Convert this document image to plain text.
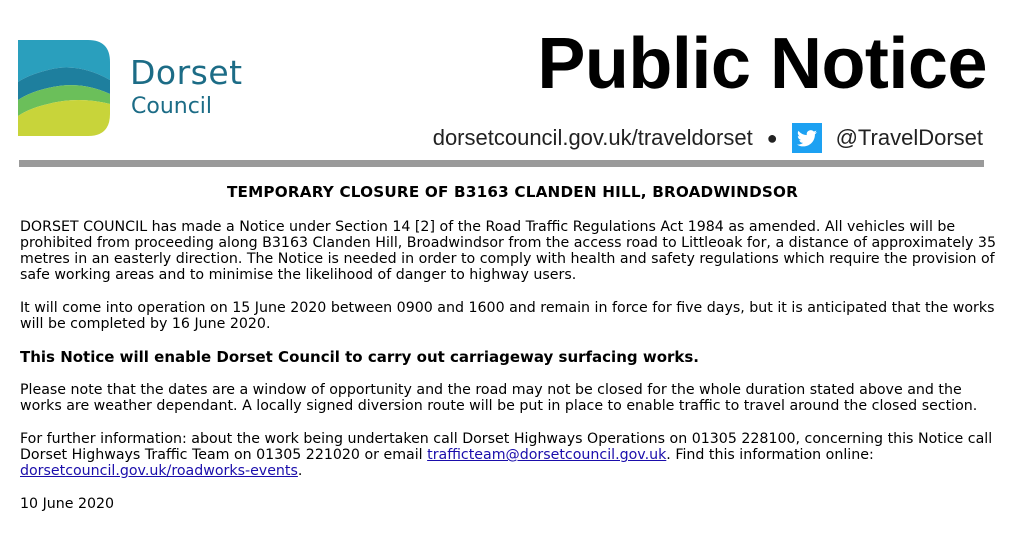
Dorset
Council
Public Notice
dorsetcouncil.gov.uk/traveldorset ●	@TravelDorset
TEMPORARY CLOSURE OF B3163 CLANDEN HILL, BROADWINDSOR

DORSET COUNCIL has made a Notice under Section 14 [2] of the Road Traffic Regulations Act 1984 as amended. All vehicles will be prohibited from proceeding along B3163 Clanden Hill, Broadwindsor from the access road to Littleoak for, a distance of approximately 35 metres in an easterly direction. The Notice is needed in order to comply with health and safety regulations which require the provision of safe working areas and to minimise the likelihood of danger to highway users.

It will come into operation on 15 June 2020 between 0900 and 1600 and remain in force for five days, but it is anticipated that the works will be completed by 16 June 2020.

This Notice will enable Dorset Council to carry out carriageway surfacing works.

Please note that the dates are a window of opportunity and the road may not be closed for the whole duration stated above and the works are weather dependant. A locally signed diversion route will be put in place to enable traffic to travel around the closed section.

For further information: about the work being undertaken call Dorset Highways Operations on 01305 228100, concerning this Notice call Dorset Highways Traffic Team on 01305 221020 or email trafficteam@dorsetcouncil.gov.uk. Find this information online: dorsetcouncil.gov.uk/roadworks-events.

10 June 2020
